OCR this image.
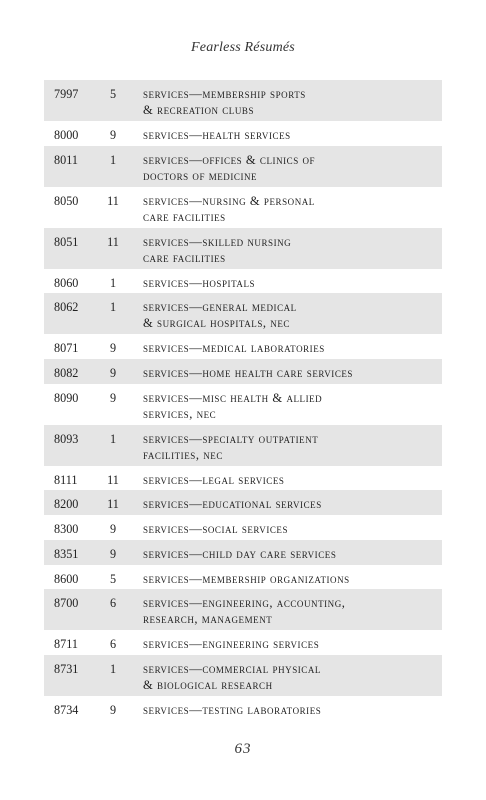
Fearless Résumés
7997	5	services—membership sports
& recreation clubs
8000	9	services—health services
8011	1	services—offices & clinics of
doctors of medicine
8050	11	services—nursing & personal
care facilities
8051	11	services—skilled nursing
care facilities
8060	1	services—hospitals
8062	1	services—general medical
& surgical hospitals, nec
8071	9	services—medical laboratories
8082	9	services—home health care services
8090	9	services—misc health & allied
services, nec
8093	1	services—specialty outpatient
facilities, nec
8111	11	services—legal services
8200	11	services—educational services
8300	9	services—social services
8351	9	services—child day care services
8600	5	services—membership organizations
8700	6	services—engineering, accounting,
research, management
8711	6	services—engineering services
8731	1	services—commercial physical
& biological research
8734	9	services—testing laboratories
63
